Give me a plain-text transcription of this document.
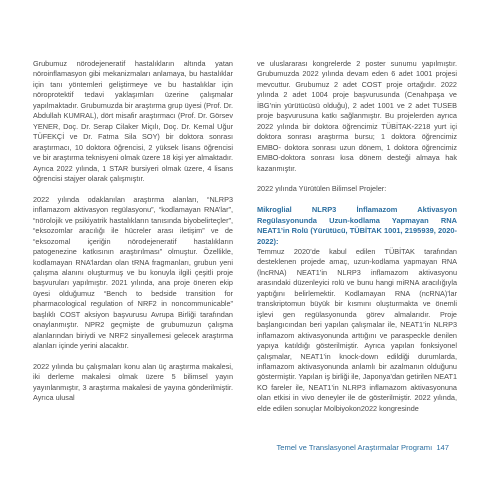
Grubumuz nörodejeneratif hastalıkların altında yatan nöroinflamasyon gibi mekanizmaları anlamaya, bu hastalıklar için tanı yöntemleri geliştirmeye ve bu hastalıklar için nöroprotektif tedavi yaklaşımları üzerine çalışmalar yapılmaktadır. Grubumuzda bir araştırma grup üyesi (Prof. Dr. Abdullah KUMRAL), dört misafir araştırmacı (Prof. Dr. Görsev YENER, Doç. Dr. Serap Cilaker Miçılı, Doç. Dr. Kemal Uğur TÜFEKÇİ ve Dr. Fatma Sila SOY) bir doktora sonrası araştırmacı, 10 doktora öğrencisi, 2 yüksek lisans öğrencisi ve bir araştırma teknisyeni olmak üzere 18 kişi yer almaktadır. Ayrıca 2022 yılında, 1 STAR bursiyeri olmak üzere, 4 lisans öğrencisi stajyer olarak çalışmıştır.

2022 yılında odaklanılan araştırma alanları, “NLRP3 inflamazom aktivasyon regülasyonu”, “kodlamayan RNA’lar”, “nörolojik ve psikiyatrik hastalıkların tanısında biyobelirteçler”, “eksozomlar aracılığı ile hücreler arası iletişim” ve de “eksozomal içeriğin nörodejeneratif hastalıkların patogenezine katkısının araştırılması” olmuştur. Özellikle, kodlamayan RNA’lardan olan tRNA fragmanları, grubun yeni çalışma alanını oluşturmuş ve bu konuyla ilgili çeşitli proje başvuruları yapılmıştır. 2021 yılında, ana proje öneren ekip üyesi olduğumuz “Bench to bedside transition for pharmacological regulation of NRF2 in noncommunicable” başlıklı COST aksiyon başvurusu Avrupa Birliği tarafından onaylanmıştır. NPR2 geçmişte de grubumuzun çalışma alanlarından biriydi ve NRF2 sinyallemesi gelecek araştırma alanları içinde yerini alacaktır.

2022 yılında bu çalışmaları konu alan üç araştırma makalesi, iki derleme makalesi olmak üzere 5 bilimsel yayın yayınlanmıştır, 3 araştırma makalesi de yayına gönderilmiştir. Ayrıca ulusal

ve uluslararası kongrelerde 2 poster sunumu yapılmıştır. Grubumuzda 2022 yılında devam eden 6 adet 1001 projesi mevcuttur. Grubumuz 2 adet COST proje ortağıdır. 2022 yılında 2 adet 1004 proje başvurusunda (Cenahpaşa ve İBG’nin yürütücüsü olduğu), 2 adet 1001 ve 2 adet TUSEB proje başvurusuna katkı sağlanmıştır. Bu projelerden ayrıca 2022 yılında bir doktora öğrencimiz TÜBİTAK-2218 yurt içi doktora sonrası araştırma bursu; 1 doktora öğrencimiz EMBO- doktora sonrası uzun dönem, 1 doktora öğrencimiz EMBO-doktora sonrası kısa dönem desteği almaya hak kazanmıştır.

2022 yılında Yürütülen Bilimsel Projeler:

Mikroglial NLRP3 İnflamazom Aktivasyon Regülasyonunda Uzun-kodlama Yapmayan RNA NEAT1’in Rolü (Yürütücü, TÜBİTAK 1001, 2195939, 2020-2022):

Temmuz 2020’de kabul edilen TÜBİTAK tarafından desteklenen projede amaç, uzun-kodlama yapmayan RNA (lncRNA) NEAT1’in NLRP3 inflamazom aktivasyonu arasındaki düzenleyici rolü ve bunu hangi miRNA aracılığıyla yaptığını belirlemektir. Kodlamayan RNA (ncRNA)’lar transkriptomun büyük bir kısmını oluşturmakta ve önemli işlevi gen regülasyonunda görev almalarıdır. Proje başlangıcından beri yapılan çalışmalar ile, NEAT1’in NLRP3 inflamazom aktivasyonunda arttığını ve paraspeckle denilen yapıya katıldığı gösterilmiştir. Ayrıca yapılan fonksiyonel çalışmalar, NEAT1’in knock-down edildiği durumlarda, inflamazom aktivasyonunda anlamlı bir azalmanın olduğunu göstermiştir. Yapılan iş birliği ile, Japonya’dan getirilen NEAT1 KO fareler ile, NEAT1’in NLRP3 inflamazom aktivasyonuna olan etkisi in vivo deneyler ile de gösterilmiştir. 2022 yılında, elde edilen sonuçlar Molbiyokon2022 kongresinde

Temel ve Translasyonel Araştırmalar Programı 147
